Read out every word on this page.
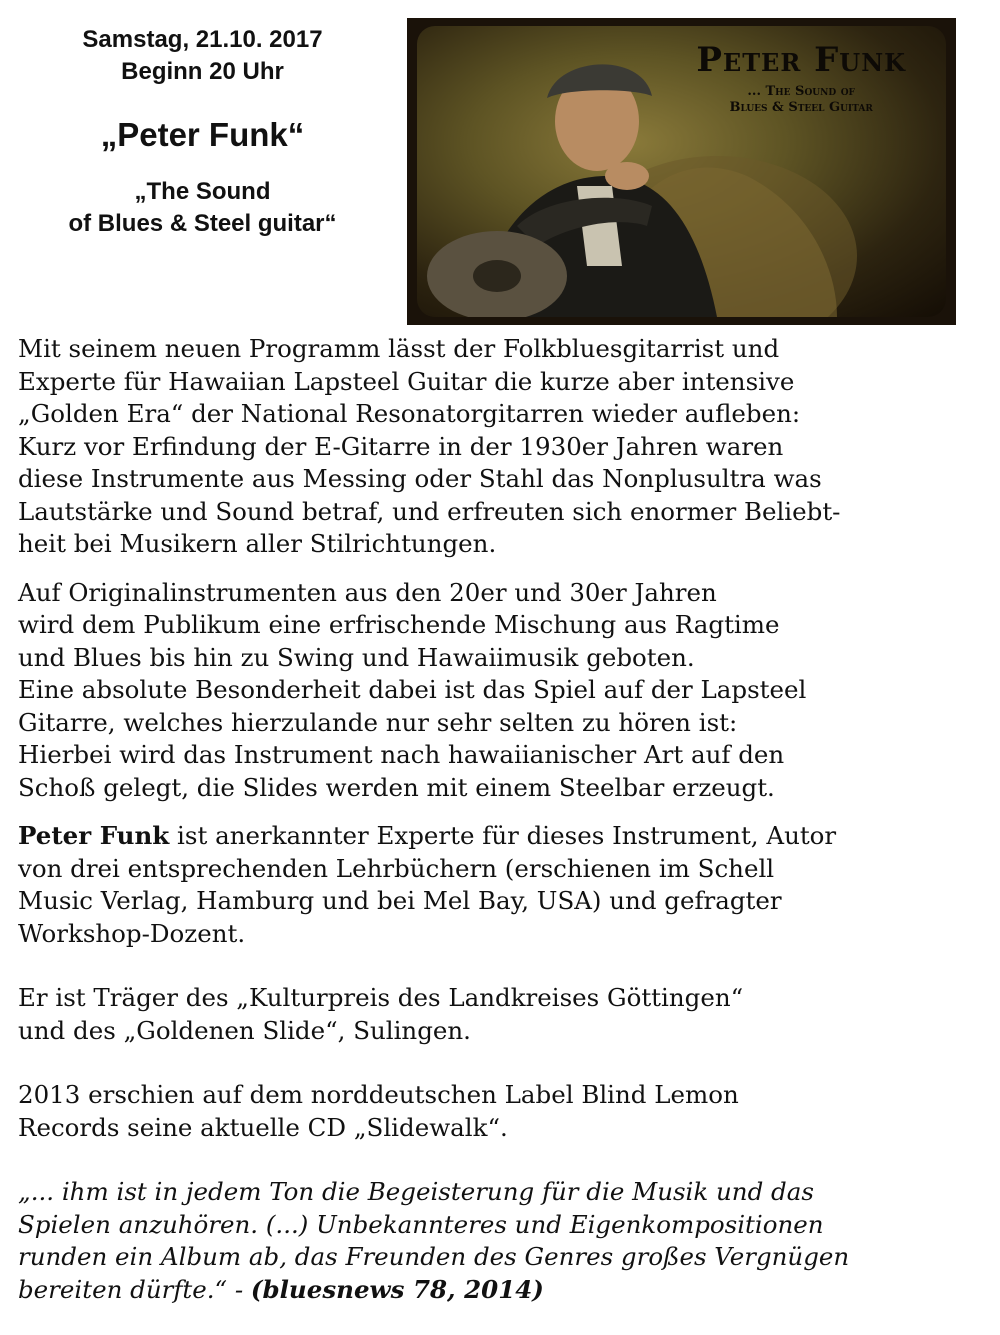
Samstag, 21.10. 2017
Beginn 20 Uhr
„Peter Funk“
„The Sound
of Blues & Steel guitar“
Peter Funk
... The Sound of
Blues & Steel Guitar

Mit seinem neuen Programm lässt der Folkbluesgitarrist und
Experte für Hawaiian Lapsteel Guitar die kurze aber intensive
„Golden Era“ der National Resonatorgitarren wieder aufleben:
Kurz vor Erfindung der E-Gitarre in der 1930er Jahren waren
diese Instrumente aus Messing oder Stahl das Nonplusultra was
Lautstärke und Sound betraf, und erfreuten sich enormer Beliebt-
heit bei Musikern aller Stilrichtungen.

Auf Originalinstrumenten aus den 20er und 30er Jahren
wird dem Publikum eine erfrischende Mischung aus Ragtime
und Blues bis hin zu Swing und Hawaiimusik geboten.
Eine absolute Besonderheit dabei ist das Spiel auf der Lapsteel
Gitarre, welches hierzulande nur sehr selten zu hören ist:
Hierbei wird das Instrument nach hawaiianischer Art auf den
Schoß gelegt, die Slides werden mit einem Steelbar erzeugt.

Peter Funk ist anerkannter Experte für dieses Instrument, Autor
von drei entsprechenden Lehrbüchern (erschienen im Schell
Music Verlag, Hamburg und bei Mel Bay, USA) und gefragter
Workshop-Dozent.

Er ist Träger des „Kulturpreis des Landkreises Göttingen“
und des „Goldenen Slide“, Sulingen.

2013 erschien auf dem norddeutschen Label Blind Lemon
Records seine aktuelle CD „Slidewalk“.

„... ihm ist in jedem Ton die Begeisterung für die Musik und das
Spielen anzuhören. (...) Unbekannteres und Eigenkompositionen
runden ein Album ab, das Freunden des Genres großes Vergnügen
bereiten dürfte.“ - (bluesnews 78, 2014)
